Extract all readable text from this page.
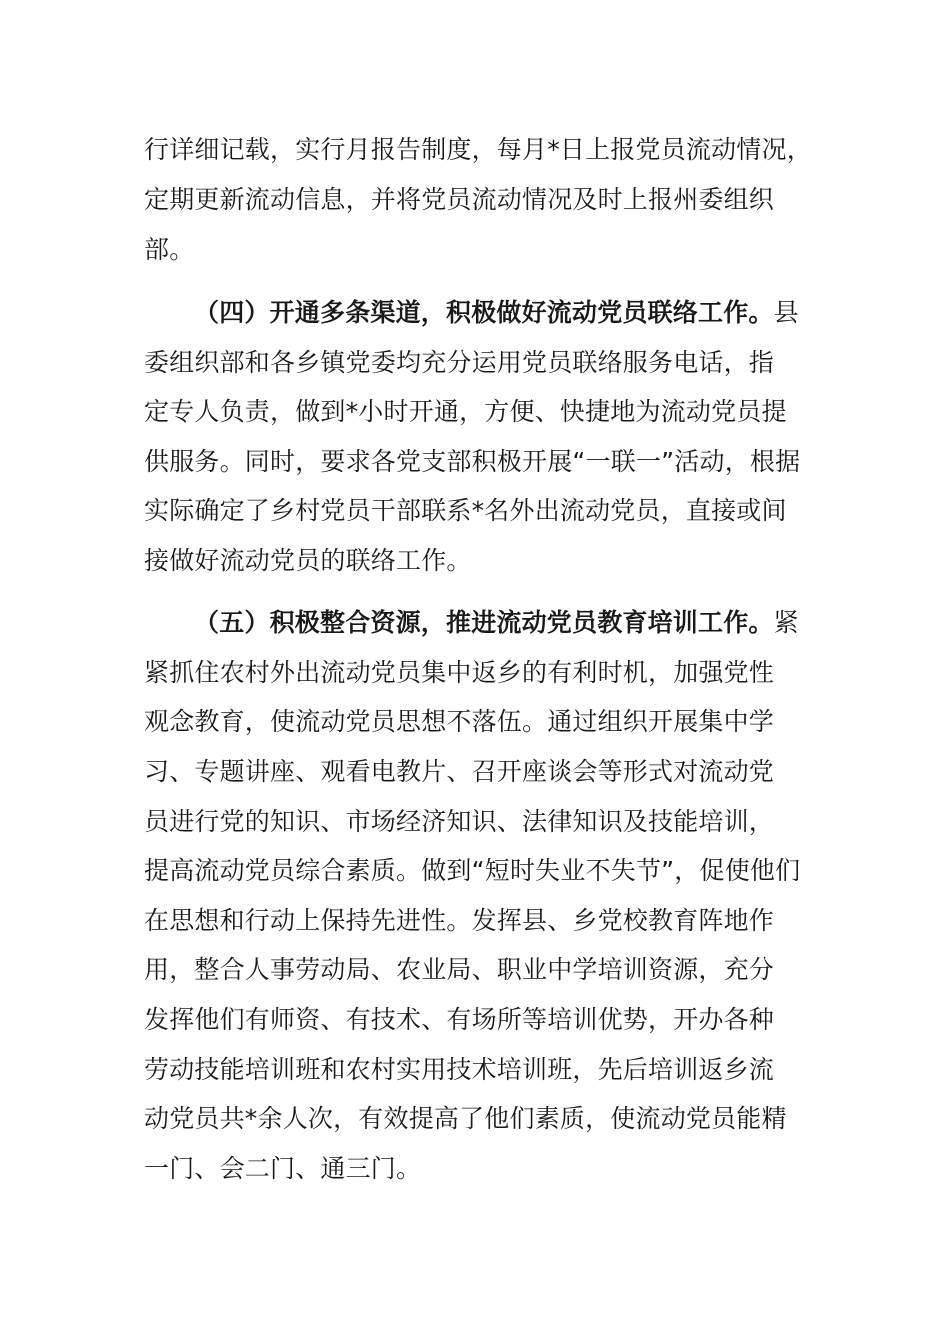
行详细记载，实行月报告制度，每月*日上报党员流动情况，
定期更新流动信息，并将党员流动情况及时上报州委组织
部。
（四）开通多条渠道，积极做好流动党员联络工作。县
委组织部和各乡镇党委均充分运用党员联络服务电话，指
定专人负责，做到*小时开通，方便、快捷地为流动党员提
供服务。同时，要求各党支部积极开展“一联一”活动，根据
实际确定了乡村党员干部联系*名外出流动党员，直接或间
接做好流动党员的联络工作。
（五）积极整合资源，推进流动党员教育培训工作。紧
紧抓住农村外出流动党员集中返乡的有利时机，加强党性
观念教育，使流动党员思想不落伍。通过组织开展集中学
习、专题讲座、观看电教片、召开座谈会等形式对流动党
员进行党的知识、市场经济知识、法律知识及技能培训，
提高流动党员综合素质。做到“短时失业不失节”，促使他们
在思想和行动上保持先进性。发挥县、乡党校教育阵地作
用，整合人事劳动局、农业局、职业中学培训资源，充分
发挥他们有师资、有技术、有场所等培训优势，开办各种
劳动技能培训班和农村实用技术培训班，先后培训返乡流
动党员共*余人次，有效提高了他们素质，使流动党员能精
一门、会二门、通三门。
